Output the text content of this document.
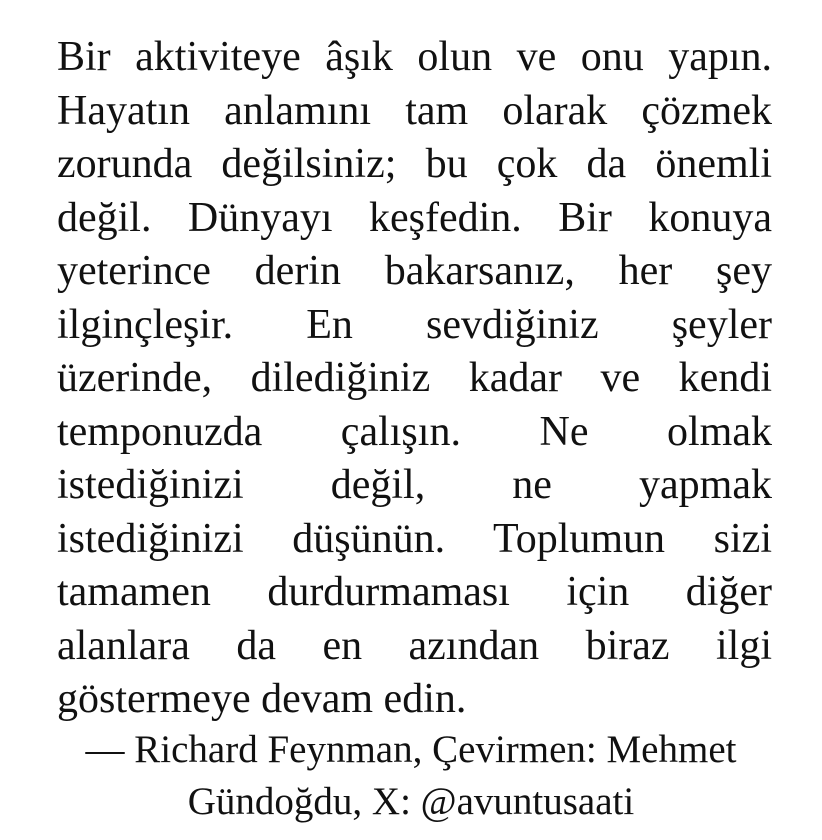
Bir aktiviteye âşık olun ve onu yapın.
Hayatın anlamını tam olarak çözmek
zorunda değilsiniz; bu çok da önemli
değil. Dünyayı keşfedin. Bir konuya
yeterince derin bakarsanız, her şey
ilginçleşir. En sevdiğiniz şeyler
üzerinde, dilediğiniz kadar ve kendi
temponuzda çalışın. Ne olmak
istediğinizi değil, ne yapmak
istediğinizi düşünün. Toplumun sizi
tamamen durdurmaması için diğer
alanlara da en azından biraz ilgi
göstermeye devam edin.
— Richard Feynman, Çevirmen: Mehmet
Gündoğdu, X: @avuntusaati
